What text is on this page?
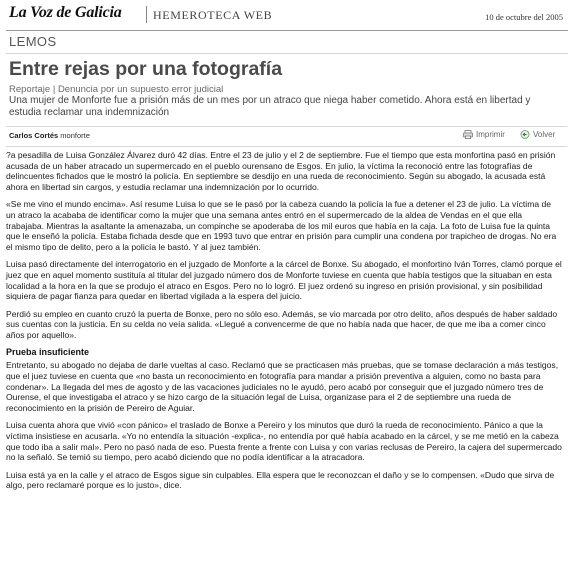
La Voz de Galicia	HEMEROTECA WEB	10 de octubre del 2005
LEMOS
Entre rejas por una fotografía
Reportaje | Denuncia por un supuesto error judicial
Una mujer de Monforte fue a prisión más de un mes por un atraco que niega haber cometido. Ahora está en libertad y estudia reclamar una indemnización
Carlos Cortés monforte	Imprimir	Volver

?a pesadilla de Luisa González Álvarez duró 42 días. Entre el 23 de julio y el 2 de septiembre. Fue el tiempo que esta monfortina pasó en prisión acusada de un haber atracado un supermercado en el pueblo ourensano de Esgos. En julio, la víctima la reconoció entre las fotografías de delincuentes fichados que le mostró la policía. En septiembre se desdijo en una rueda de reconocimiento. Según su abogado, la acusada está ahora en libertad sin cargos, y estudia reclamar una indemnización por lo ocurrido.

«Se me vino el mundo encima». Así resume Luisa lo que se le pasó por la cabeza cuando la policía la fue a detener el 23 de julio. La víctima de un atraco la acababa de identificar como la mujer que una semana antes entró en el supermercado de la aldea de Vendas en el que ella trabajaba. Mientras la asaltante la amenazaba, un compinche se apoderaba de los mil euros que había en la caja. La foto de Luisa fue la quinta que le enseñó la policía. Estaba fichada desde que en 1993 tuvo que entrar en prisión para cumplir una condena por trapicheo de drogas. No era el mismo tipo de delito, pero a la policía le bastó. Y al juez también.

Luisa pasó directamente del interrogatorio en el juzgado de Monforte a la cárcel de Bonxe. Su abogado, el monfortino Iván Torres, clamó porque el juez que en aquel momento sustituía al titular del juzgado número dos de Monforte tuviese en cuenta que había testigos que la situaban en esta localidad a la hora en la que se produjo el atraco en Esgos. Pero no lo logró. El juez ordenó su ingreso en prisión provisional, y sin posibilidad siquiera de pagar fianza para quedar en libertad vigilada a la espera del juicio.

Perdió su empleo en cuanto cruzó la puerta de Bonxe, pero no sólo eso. Además, se vio marcada por otro delito, años después de haber saldado sus cuentas con la justicia. En su celda no veía salida. «Llegué a convencerme de que no había nada que hacer, de que me iba a comer cinco años por aquello».

Prueba insuficiente

Entretanto, su abogado no dejaba de darle vueltas al caso. Reclamó que se practicasen más pruebas, que se tomase declaración a más testigos, que el juez tuviese en cuenta que «no basta un reconocimiento en fotografía para mandar a prisión preventiva a alguien, como no basta para condenar». La llegada del mes de agosto y de las vacaciones judiciales no le ayudó, pero acabó por conseguir que el juzgado número tres de Ourense, el que investigaba el atraco y se hizo cargo de la situación legal de Luisa, organizase para el 2 de septiembre una rueda de reconocimiento en la prisión de Pereiro de Aguiar.

Luisa cuenta ahora que vivió «con pánico» el traslado de Bonxe a Pereiro y los minutos que duró la rueda de reconocimiento. Pánico a que la víctima insistiese en acusarla. «Yo no entendía la situación -explica-, no entendía por qué había acabado en la cárcel, y se me metió en la cabeza que todo iba a salir mal». Pero no pasó nada de eso. Puesta frente a frente con Luisa y con varias reclusas de Pereiro, la cajera del supermercado no la señaló. Se temió su tiempo, pero acabó diciendo que no podía identificar a la atracadora.

Luisa está ya en la calle y el atraco de Esgos sigue sin culpables. Ella espera que le reconozcan el daño y se lo compensen. «Dudo que sirva de algo, pero reclamaré porque es lo justo», dice.
